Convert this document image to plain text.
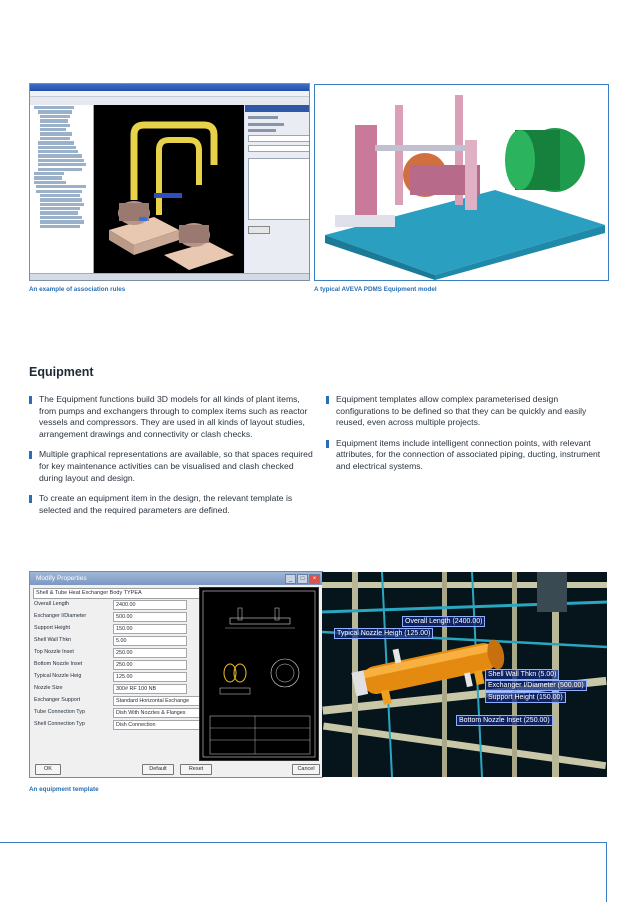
An example of association rules	A typical AVEVA PDMS Equipment model
Equipment
The Equipment functions build 3D models for all kinds of plant items, from pumps and exchangers through to complex items such as reactor vessels and compressors. They are used in all kinds of layout studies, arrangement drawings and connectivity or clash checks.
Multiple graphical representations are available, so that spaces required for key maintenance activities can be visualised and clash checked during layout and design.
To create an equipment item in the design, the relevant template is selected and the required parameters are defined.
Equipment templates allow complex parameterised design configurations to be defined so that they can be quickly and easily reused, even across multiple projects.
Equipment items include intelligent connection points, with relevant attributes, for the connection of associated piping, ducting, instrument and electrical systems.
Modify Properties	_	□	×
Shell & Tube Heat Exchanger Body TYPEA
Overall Length	2400.00
Exchanger I/Diameter	500.00
Support Height	150.00
Shell Wall Thkn	5.00
Top Nozzle Inset	250.00
Bottom Nozzle Inset	250.00
Typical Nozzle Heig	125.00
Nozzle Size	300# RF 100 NB
Exchanger Support	Standard Horizontal Exchange
Tube Connection Typ	Dish With Nozzles & Flanges
Shell Connection Typ	Dish Connection
OK	Default	Reset	Cancel
Overall Length (2400.00)
Typical Nozzle Heigh (125.00)
Shell Wall Thkn (5.00)
Exchanger I/Diameter (500.00)
Support Height (150.00)
Bottom Nozzle Inset (250.00)
An equipment template
